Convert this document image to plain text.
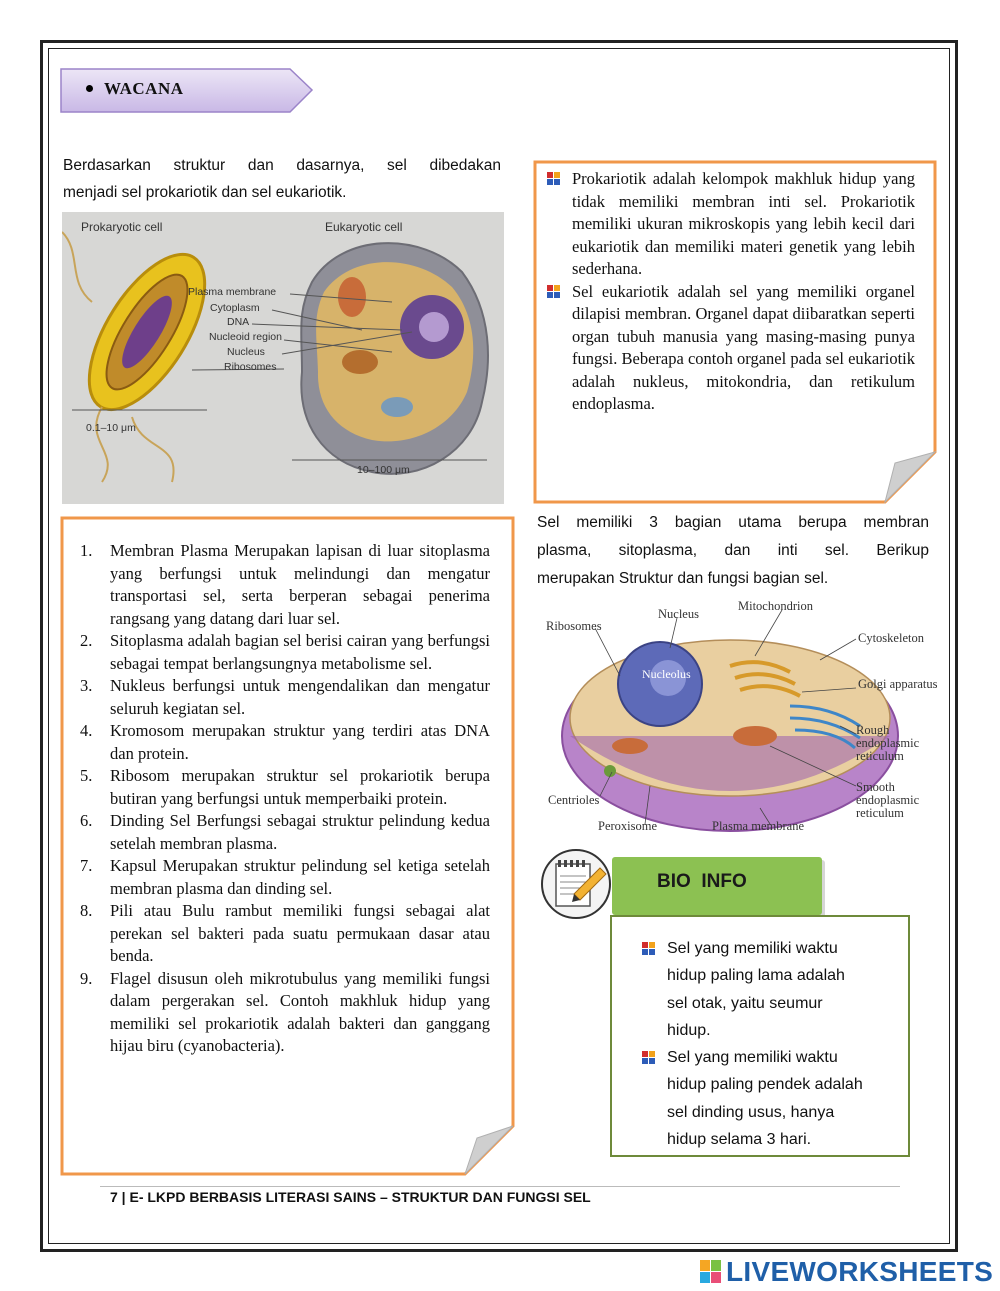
WACANA
Berdasarkan struktur dan dasarnya, sel dibedakan
menjadi sel prokariotik dan sel eukariotik.
Prokaryotic cell	Eukaryotic cell
Plasma membrane
Cytoplasm
DNA
Nucleoid region
Nucleus
Ribosomes
0.1–10 μm
10–100 μm
Prokariotik adalah kelompok makhluk hidup yang tidak memiliki membran inti sel. Prokariotik memiliki ukuran mikroskopis yang lebih kecil dari eukariotik dan memiliki materi genetik yang lebih sederhana.
Sel eukariotik adalah sel yang memiliki organel dilapisi membran. Organel dapat diibaratkan seperti organ tubuh manusia yang masing-masing punya fungsi. Beberapa contoh organel pada sel eukariotik adalah nukleus, mitokondria, dan retikulum endoplasma.
1. Membran Plasma Merupakan lapisan di luar sitoplasma yang berfungsi untuk melindungi dan mengatur transportasi sel, serta berperan sebagai penerima rangsang yang datang dari luar sel.
2. Sitoplasma adalah bagian sel berisi cairan yang berfungsi sebagai tempat berlangsungnya metabolisme sel.
3. Nukleus berfungsi untuk mengendalikan dan mengatur seluruh kegiatan sel.
4. Kromosom merupakan struktur yang terdiri atas DNA dan protein.
5. Ribosom merupakan struktur sel prokariotik berupa butiran yang berfungsi untuk memperbaiki protein.
6. Dinding Sel Berfungsi sebagai struktur pelindung kedua setelah membran plasma.
7. Kapsul Merupakan struktur pelindung sel ketiga setelah membran plasma dan dinding sel.
8. Pili atau Bulu rambut memiliki fungsi sebagai alat perekan sel bakteri pada suatu permukaan dasar atau benda.
9. Flagel disusun oleh mikrotubulus yang memiliki fungsi dalam pergerakan sel. Contoh makhluk hidup yang memiliki sel prokariotik adalah bakteri dan ganggang hijau biru (cyanobacteria).
Sel memiliki 3 bagian utama berupa membran
plasma, sitoplasma, dan inti sel. Berikup
merupakan Struktur dan fungsi bagian sel.
Nucleus
Mitochondrion
Ribosomes
Cytoskeleton
Nucleolus
Golgi apparatus
Rough endoplasmic reticulum
Smooth endoplasmic reticulum
Centrioles
Peroxisome	Plasma membrane
BIO  INFO
Sel yang memiliki waktu
hidup paling lama adalah
sel otak, yaitu seumur
hidup.
Sel yang memiliki waktu
hidup paling pendek adalah
sel dinding usus, hanya
hidup selama 3 hari.
7 | E- LKPD BERBASIS LITERASI SAINS – STRUKTUR DAN FUNGSI SEL
LIVEWORKSHEETS
